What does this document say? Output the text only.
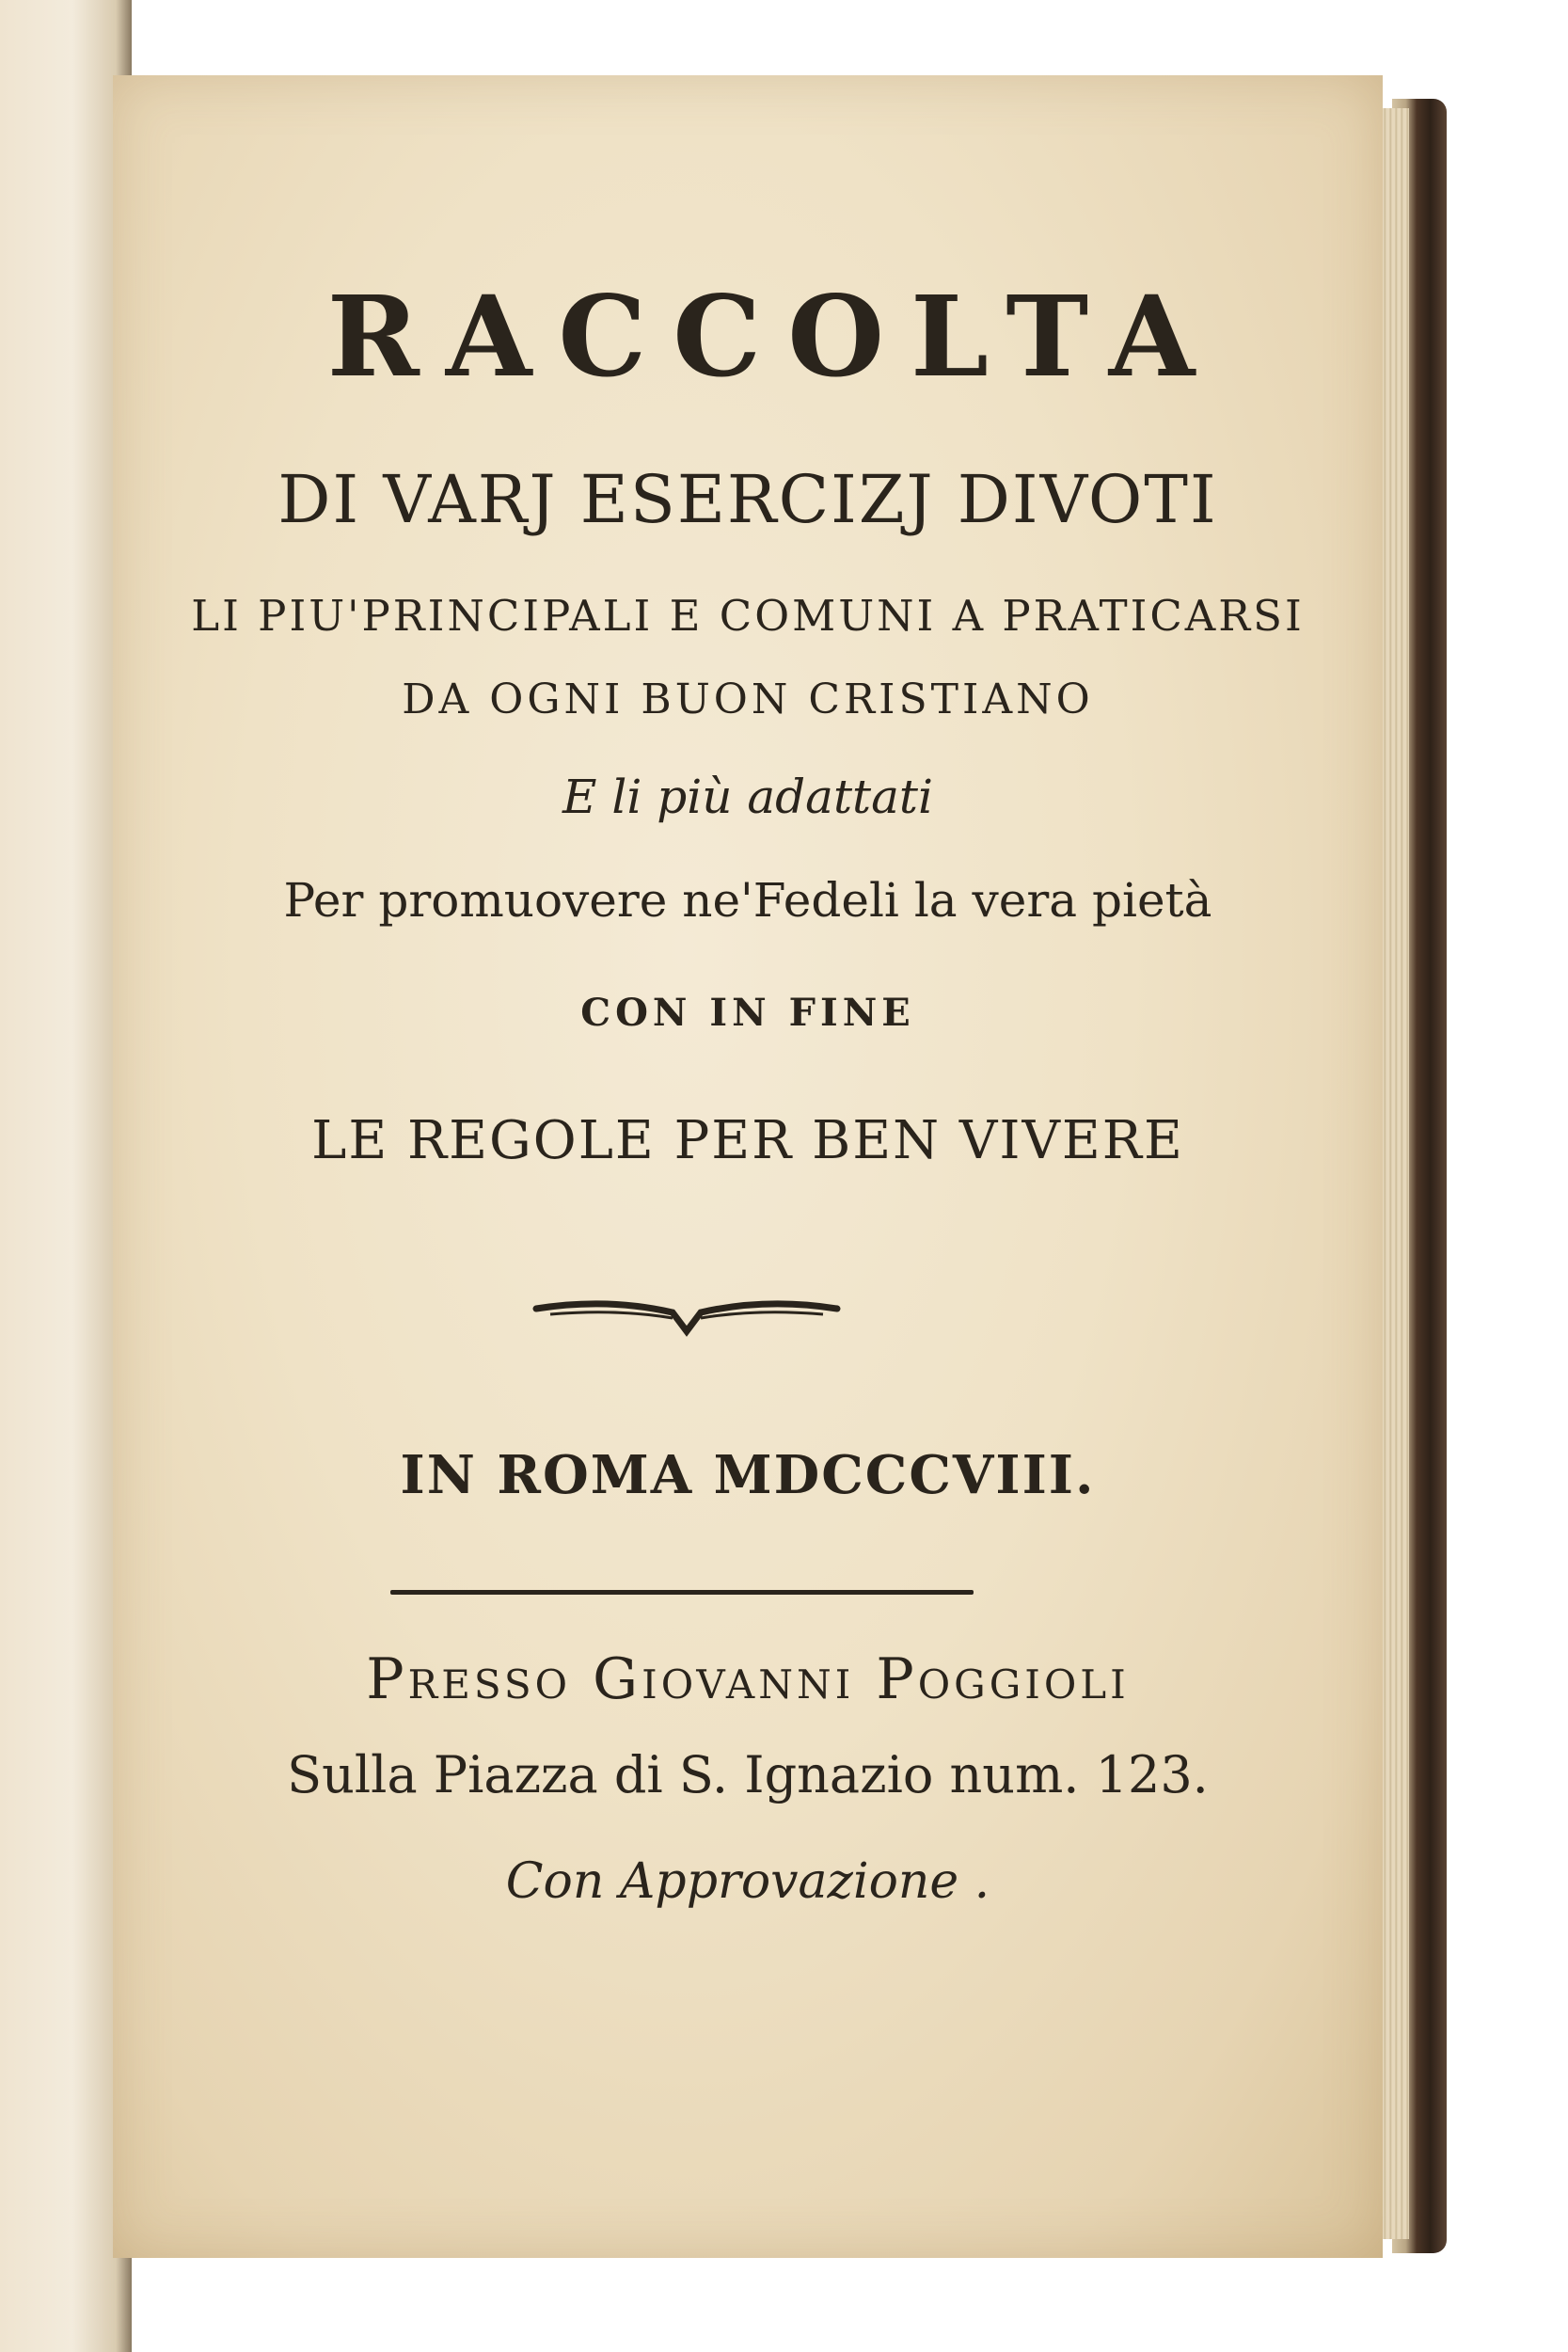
RACCOLTA
DI VARJ ESERCIZJ DIVOTI
LI PIU'PRINCIPALI E COMUNI A PRATICARSI
DA OGNI BUON CRISTIANO
E li più adattati
Per promuovere ne'Fedeli la vera pietà
CON IN FINE
LE REGOLE PER BEN VIVERE
IN ROMA MDCCCVIII.
Presso Giovanni Poggioli
Sulla Piazza di S. Ignazio num. 123.
Con Approvazione .
